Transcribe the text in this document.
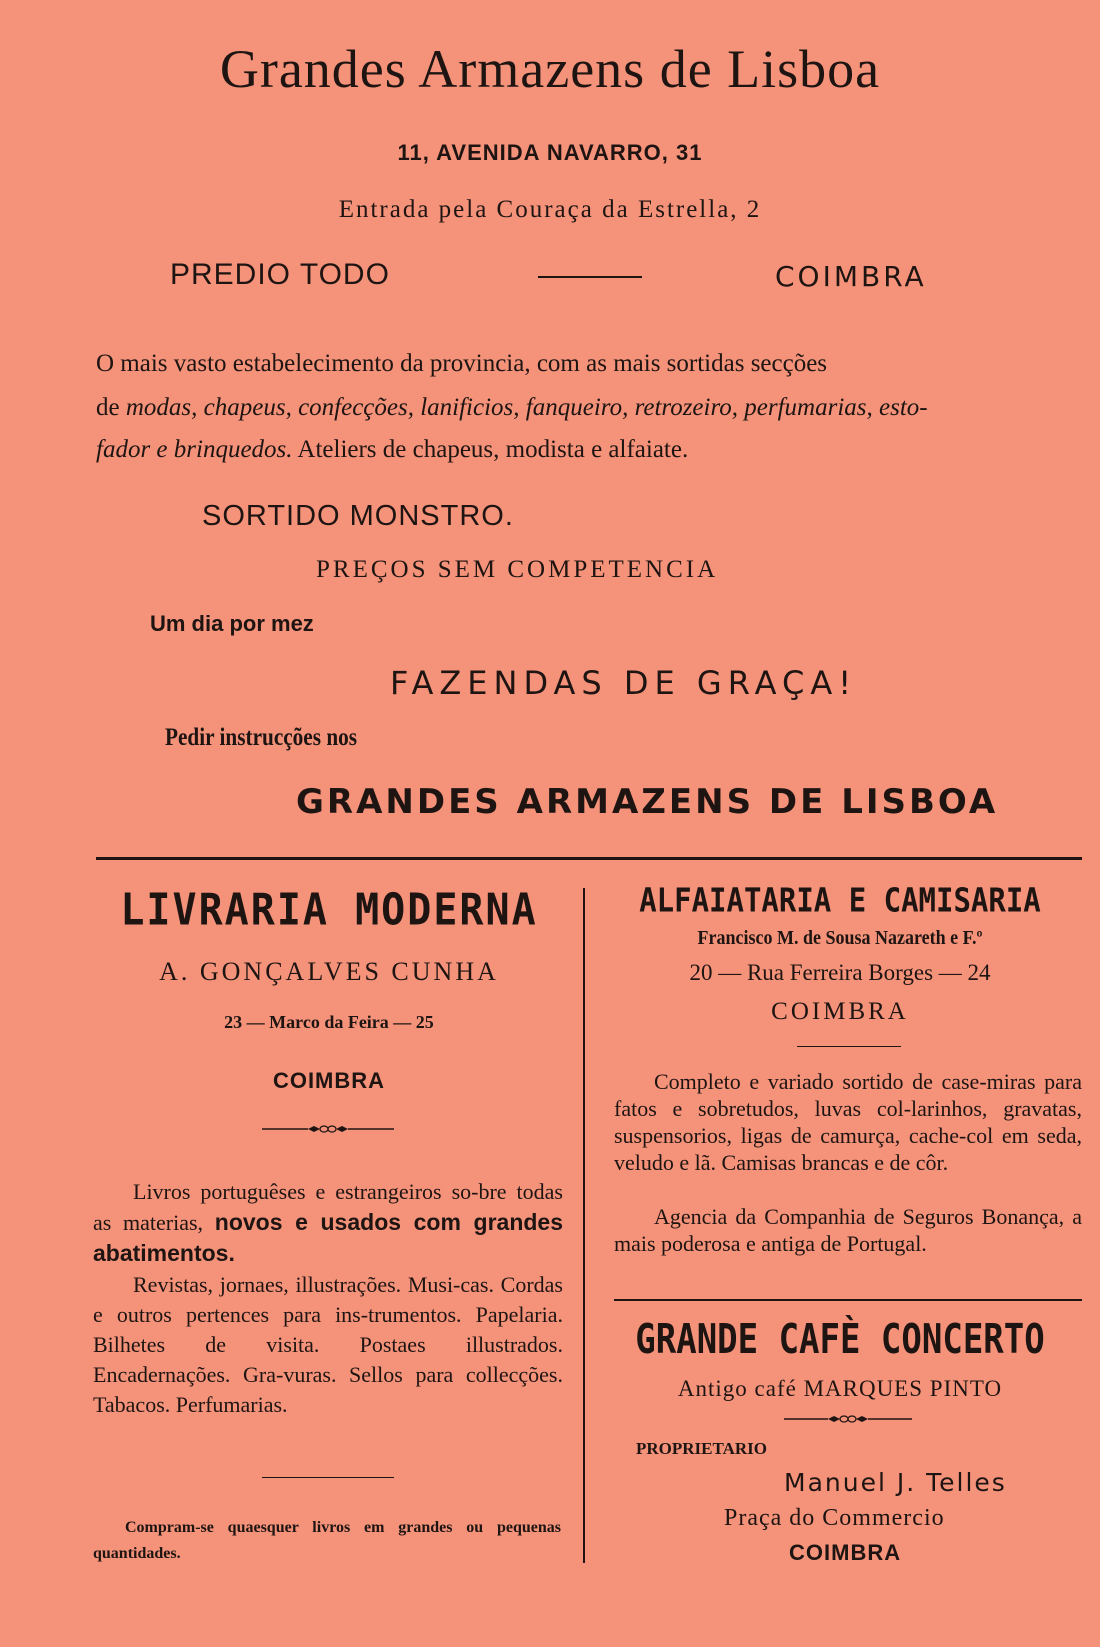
Grandes Armazens de Lisboa
11, AVENIDA NAVARRO, 31
Entrada pela Couraça da Estrella, 2
PREDIO TODO	COIMBRA
O mais vasto estabelecimento da provincia, com as mais sortidas secções
de modas, chapeus, confecções, lanificios, fanqueiro, retrozeiro, perfumarias, esto-
fador e brinquedos. Ateliers de chapeus, modista e alfaiate.
SORTIDO MONSTRO.
PREÇOS SEM COMPETENCIA
Um dia por mez
FAZENDAS DE GRAÇA!
Pedir instrucções nos
GRANDES ARMAZENS DE LISBOA
LIVRARIA MODERNA
A. GONÇALVES CUNHA
23 — Marco da Feira — 25
COIMBRA
Livros portuguêses e estrangeiros so-bre todas as materias, novos e usados com grandes abatimentos.
Revistas, jornaes, illustrações. Musi-cas. Cordas e outros pertences para ins-trumentos. Papelaria. Bilhetes de visita. Postaes illustrados. Encadernações. Gra-vuras. Sellos para collecções. Tabacos. Perfumarias.
Compram-se quaesquer livros em grandes ou pequenas quantidades.
ALFAIATARIA E CAMISARIA
Francisco M. de Sousa Nazareth e F.º
20 — Rua Ferreira Borges — 24
COIMBRA
Completo e variado sortido de case-miras para fatos e sobretudos, luvas col-larinhos, gravatas, suspensorios, ligas de camurça, cache-col em seda, veludo e lã. Camisas brancas e de côr.
Agencia da Companhia de Seguros Bonança, a mais poderosa e antiga de Portugal.
GRANDE CAFÈ CONCERTO
Antigo café MARQUES PINTO
PROPRIETARIO
Manuel J. Telles
Praça do Commercio
COIMBRA
